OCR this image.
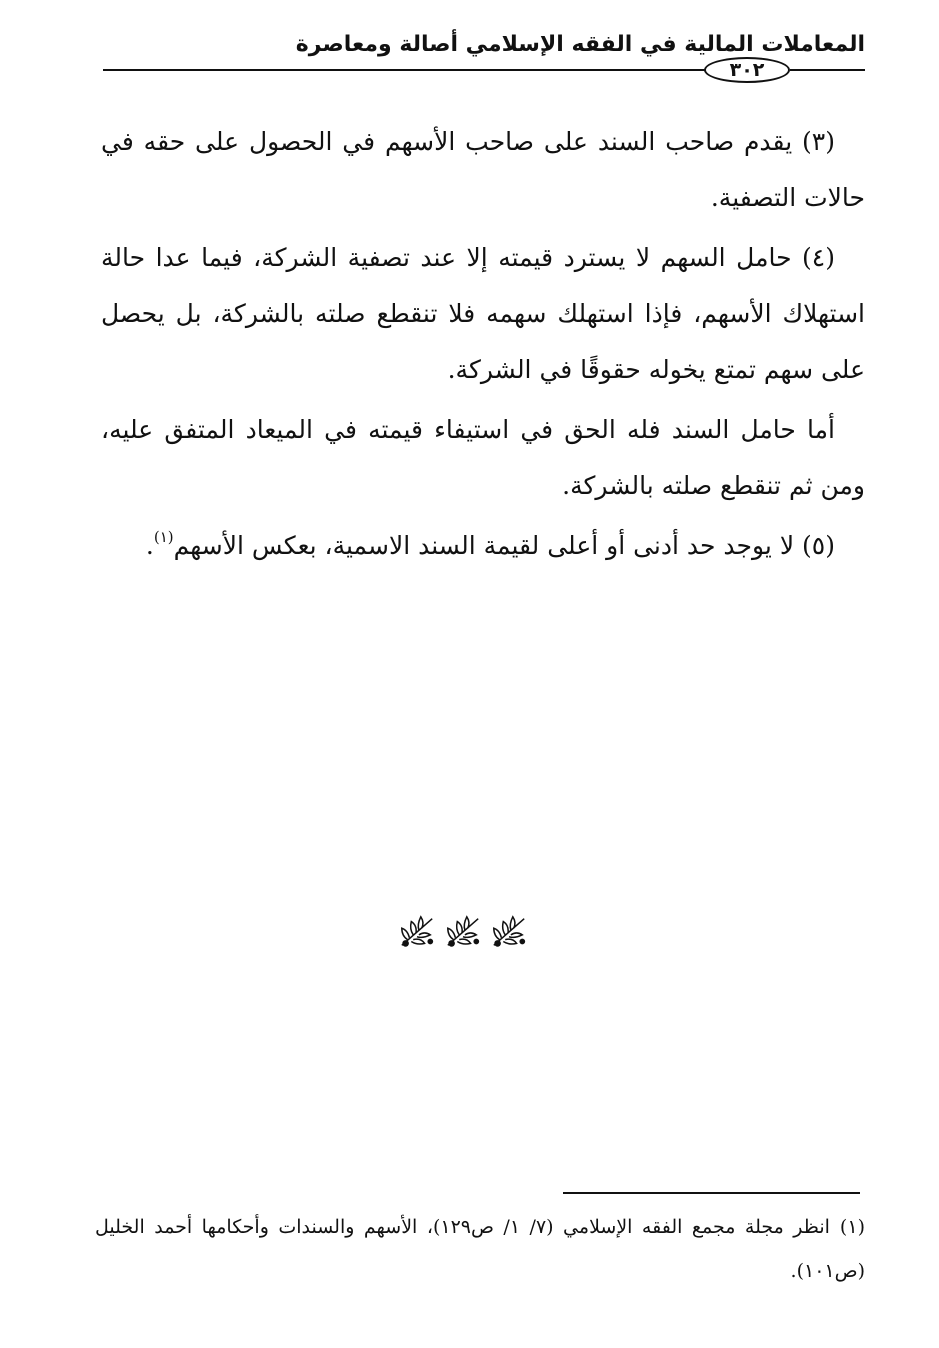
المعاملات المالية في الفقه الإسلامي أصالة ومعاصرة
٣٠٢

(٣) يقدم صاحب السند على صاحب الأسهم في الحصول على حقه في حالات التصفية.

(٤) حامل السهم لا يسترد قيمته إلا عند تصفية الشركة، فيما عدا حالة استهلاك الأسهم، فإذا استهلك سهمه فلا تنقطع صلته بالشركة، بل يحصل على سهم تمتع يخوله حقوقًا في الشركة.

أما حامل السند فله الحق في استيفاء قيمته في الميعاد المتفق عليه، ومن ثم تنقطع صلته بالشركة.

(٥) لا يوجد حد أدنى أو أعلى لقيمة السند الاسمية، بعكس الأسهم$^{(١)}$.

(١)انظر مجلة مجمع الفقه الإسلامي (٧/ ١/ ص١٢٩)، الأسهم والسندات وأحكامها أحمد الخليل (ص١٠١).
